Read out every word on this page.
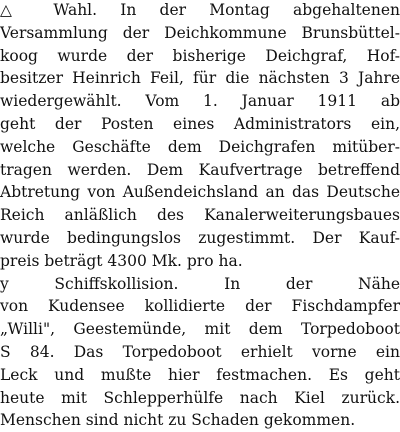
△ Wahl. In der Montag abgehaltenen
Versammlung der Deichkommune Brunsbüttel-
koog wurde der bisherige Deichgraf, Hof-
besitzer Heinrich Feil, für die nächsten 3 Jahre
wiedergewählt. Vom 1. Januar 1911 ab
geht der Posten eines Administrators ein,
welche Geschäfte dem Deichgrafen mitüber-
tragen werden. Dem Kaufvertrage betreffend
Abtretung von Außendeichsland an das Deutsche
Reich anläßlich des Kanalerweiterungsbaues
wurde bedingungslos zugestimmt. Der Kauf-
preis beträgt 4300 Mk. pro ha.
y Schiffskollision. In der Nähe
von Kudensee kollidierte der Fischdampfer
„Willi", Geestemünde, mit dem Torpedoboot
S 84. Das Torpedoboot erhielt vorne ein
Leck und mußte hier festmachen. Es geht
heute mit Schlepperhülfe nach Kiel zurück.
Menschen sind nicht zu Schaden gekommen.
